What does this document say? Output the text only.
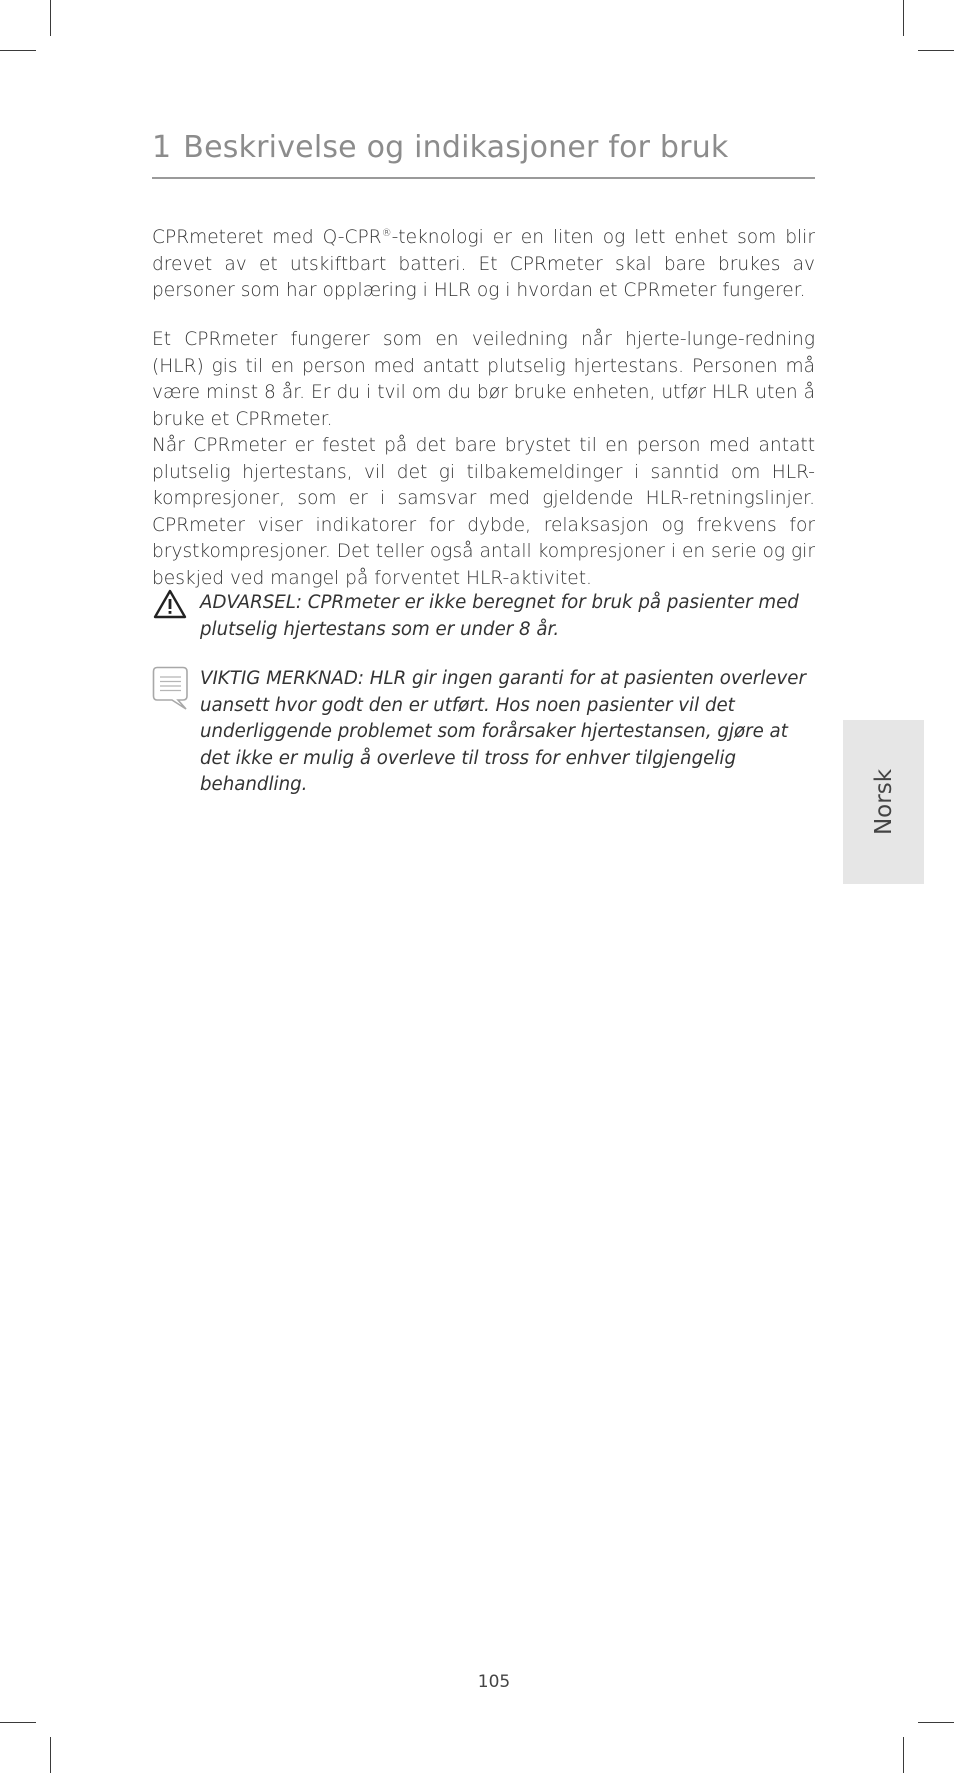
1 Beskrivelse og indikasjoner for bruk

CPRmeteret med Q-CPR®-teknologi er en liten og lett enhet som blir drevet av et utskiftbart batteri. Et CPRmeter skal bare brukes av personer som har opplæring i HLR og i hvordan et CPRmeter fungerer.

Et CPRmeter fungerer som en veiledning når hjerte-lunge-redning (HLR) gis til en person med antatt plutselig hjertestans. Personen må være minst 8 år. Er du i tvil om du bør bruke enheten, utfør HLR uten å bruke et CPRmeter.

Når CPRmeter er festet på det bare brystet til en person med antatt plutselig hjertestans, vil det gi tilbakemeldinger i sanntid om HLR-kompresjoner, som er i samsvar med gjeldende HLR-retningslinjer. CPRmeter viser indikatorer for dybde, relaksasjon og frekvens for brystkompresjoner. Det teller også antall kompresjoner i en serie og gir beskjed ved mangel på forventet HLR-aktivitet.

ADVARSEL: CPRmeter er ikke beregnet for bruk på pasienter med plutselig hjertestans som er under 8 år.

VIKTIG MERKNAD: HLR gir ingen garanti for at pasienten overlever uansett hvor godt den er utført. Hos noen pasienter vil det underliggende problemet som forårsaker hjertestansen, gjøre at det ikke er mulig å overleve til tross for enhver tilgjengelig behandling.	Norsk
105
